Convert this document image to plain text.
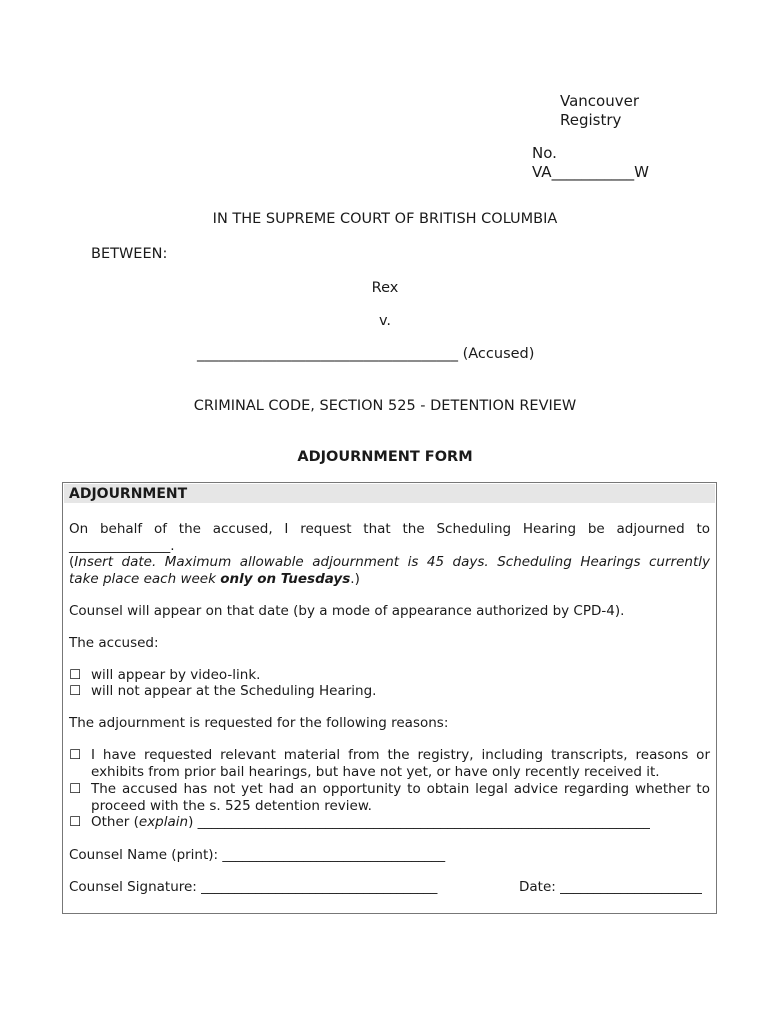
Vancouver
Registry
No.
VA___________W
IN THE SUPREME COURT OF BRITISH COLUMBIA
BETWEEN:
Rex
v.
____________________________________ (Accused)
CRIMINAL CODE, SECTION 525 - DETENTION REVIEW
ADJOURNMENT FORM
ADJOURNMENT
On behalf of the accused, I request that the Scheduling Hearing be adjourned to
_______________.
(Insert date. Maximum allowable adjournment is 45 days. Scheduling Hearings currently
take place each week only on Tuesdays.)
Counsel will appear on that date (by a mode of appearance authorized by CPD-4).
The accused:
☐ will appear by video-link.
☐ will not appear at the Scheduling Hearing.
The adjournment is requested for the following reasons:
☐ I have requested relevant material from the registry, including transcripts, reasons or
exhibits from prior bail hearings, but have not yet, or have only recently received it.
☐ The accused has not yet had an opportunity to obtain legal advice regarding whether to
proceed with the s. 525 detention review.
☐ Other (explain) ___________________________________________________________________
Counsel Name (print): _________________________________
Counsel Signature: ___________________________________	Date: _____________________
